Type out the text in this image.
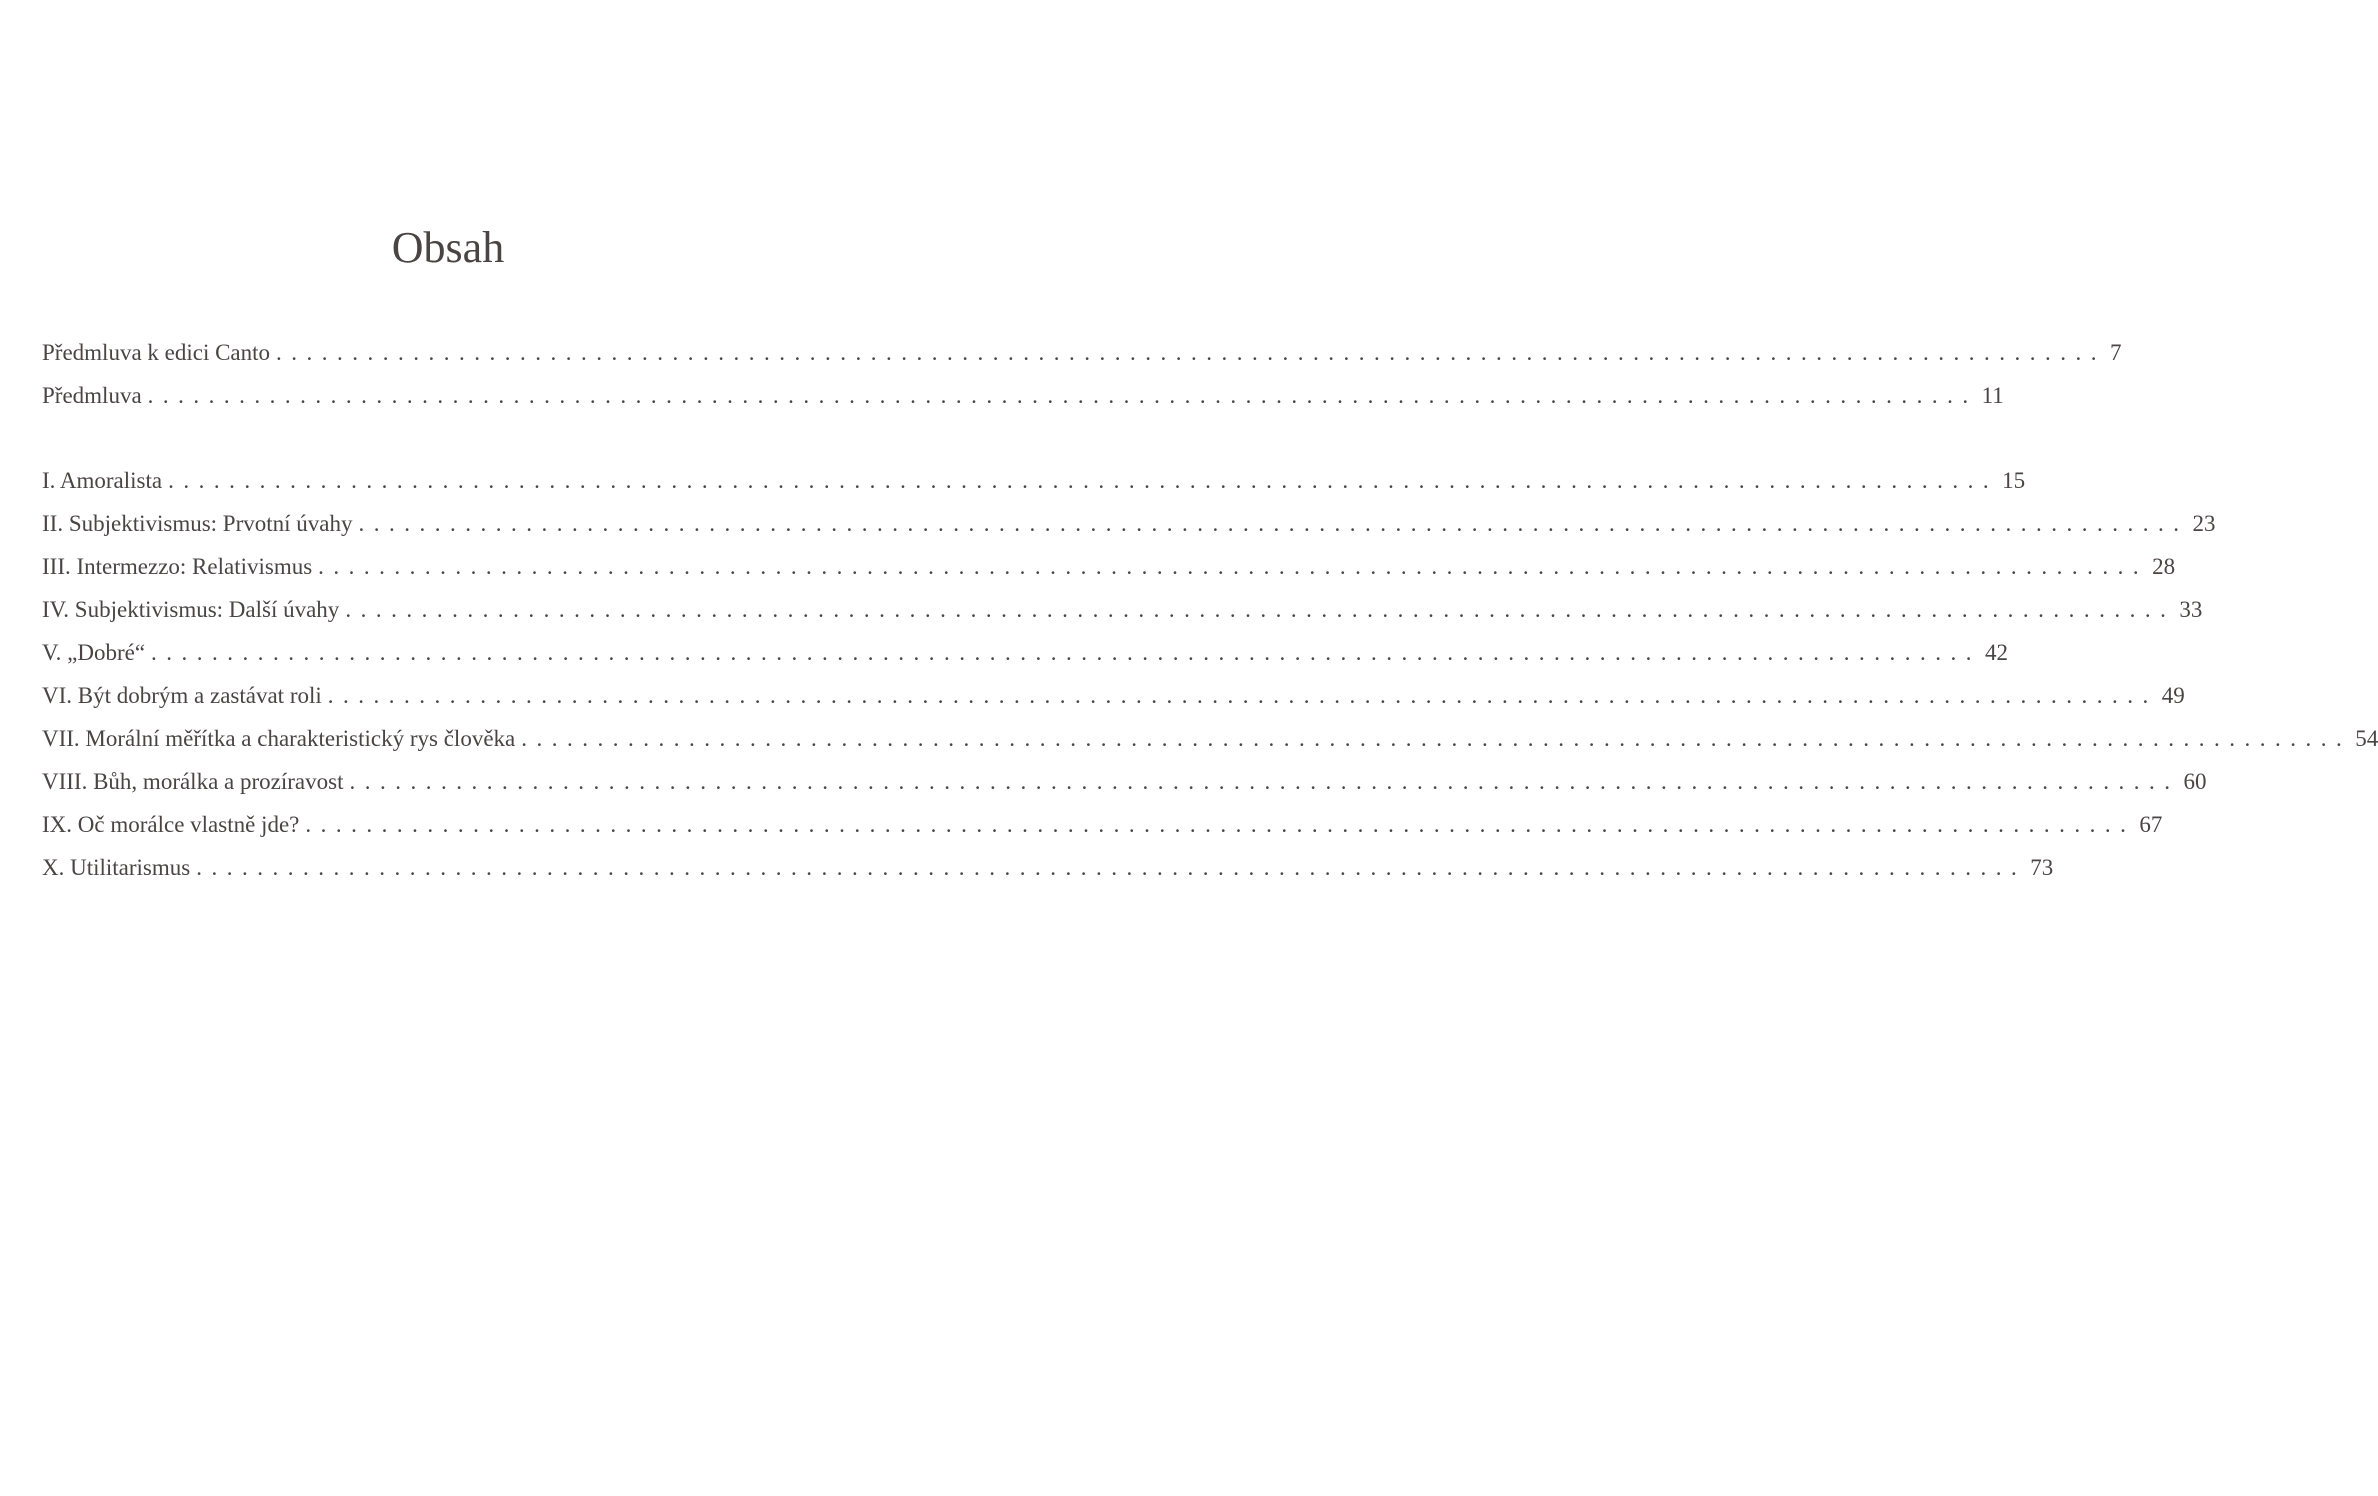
Obsah
Předmluva k edici Canto ........................................................................................................................ 7
Předmluva ........................................................................................................................ 11
I. Amoralista ........................................................................................................................ 15
II. Subjektivismus: Prvotní úvahy ........................................................................................................................ 23
III. Intermezzo: Relativismus ........................................................................................................................ 28
IV. Subjektivismus: Další úvahy ........................................................................................................................ 33
V. „Dobré“ ........................................................................................................................ 42
VI. Být dobrým a zastávat roli ........................................................................................................................ 49
VII. Morální měřítka a charakteristický rys člověka ........................................................................................................................ 54
VIII. Bůh, morálka a prozíravost ........................................................................................................................ 60
IX. Oč morálce vlastně jde? ........................................................................................................................ 67
X. Utilitarismus ........................................................................................................................ 73
